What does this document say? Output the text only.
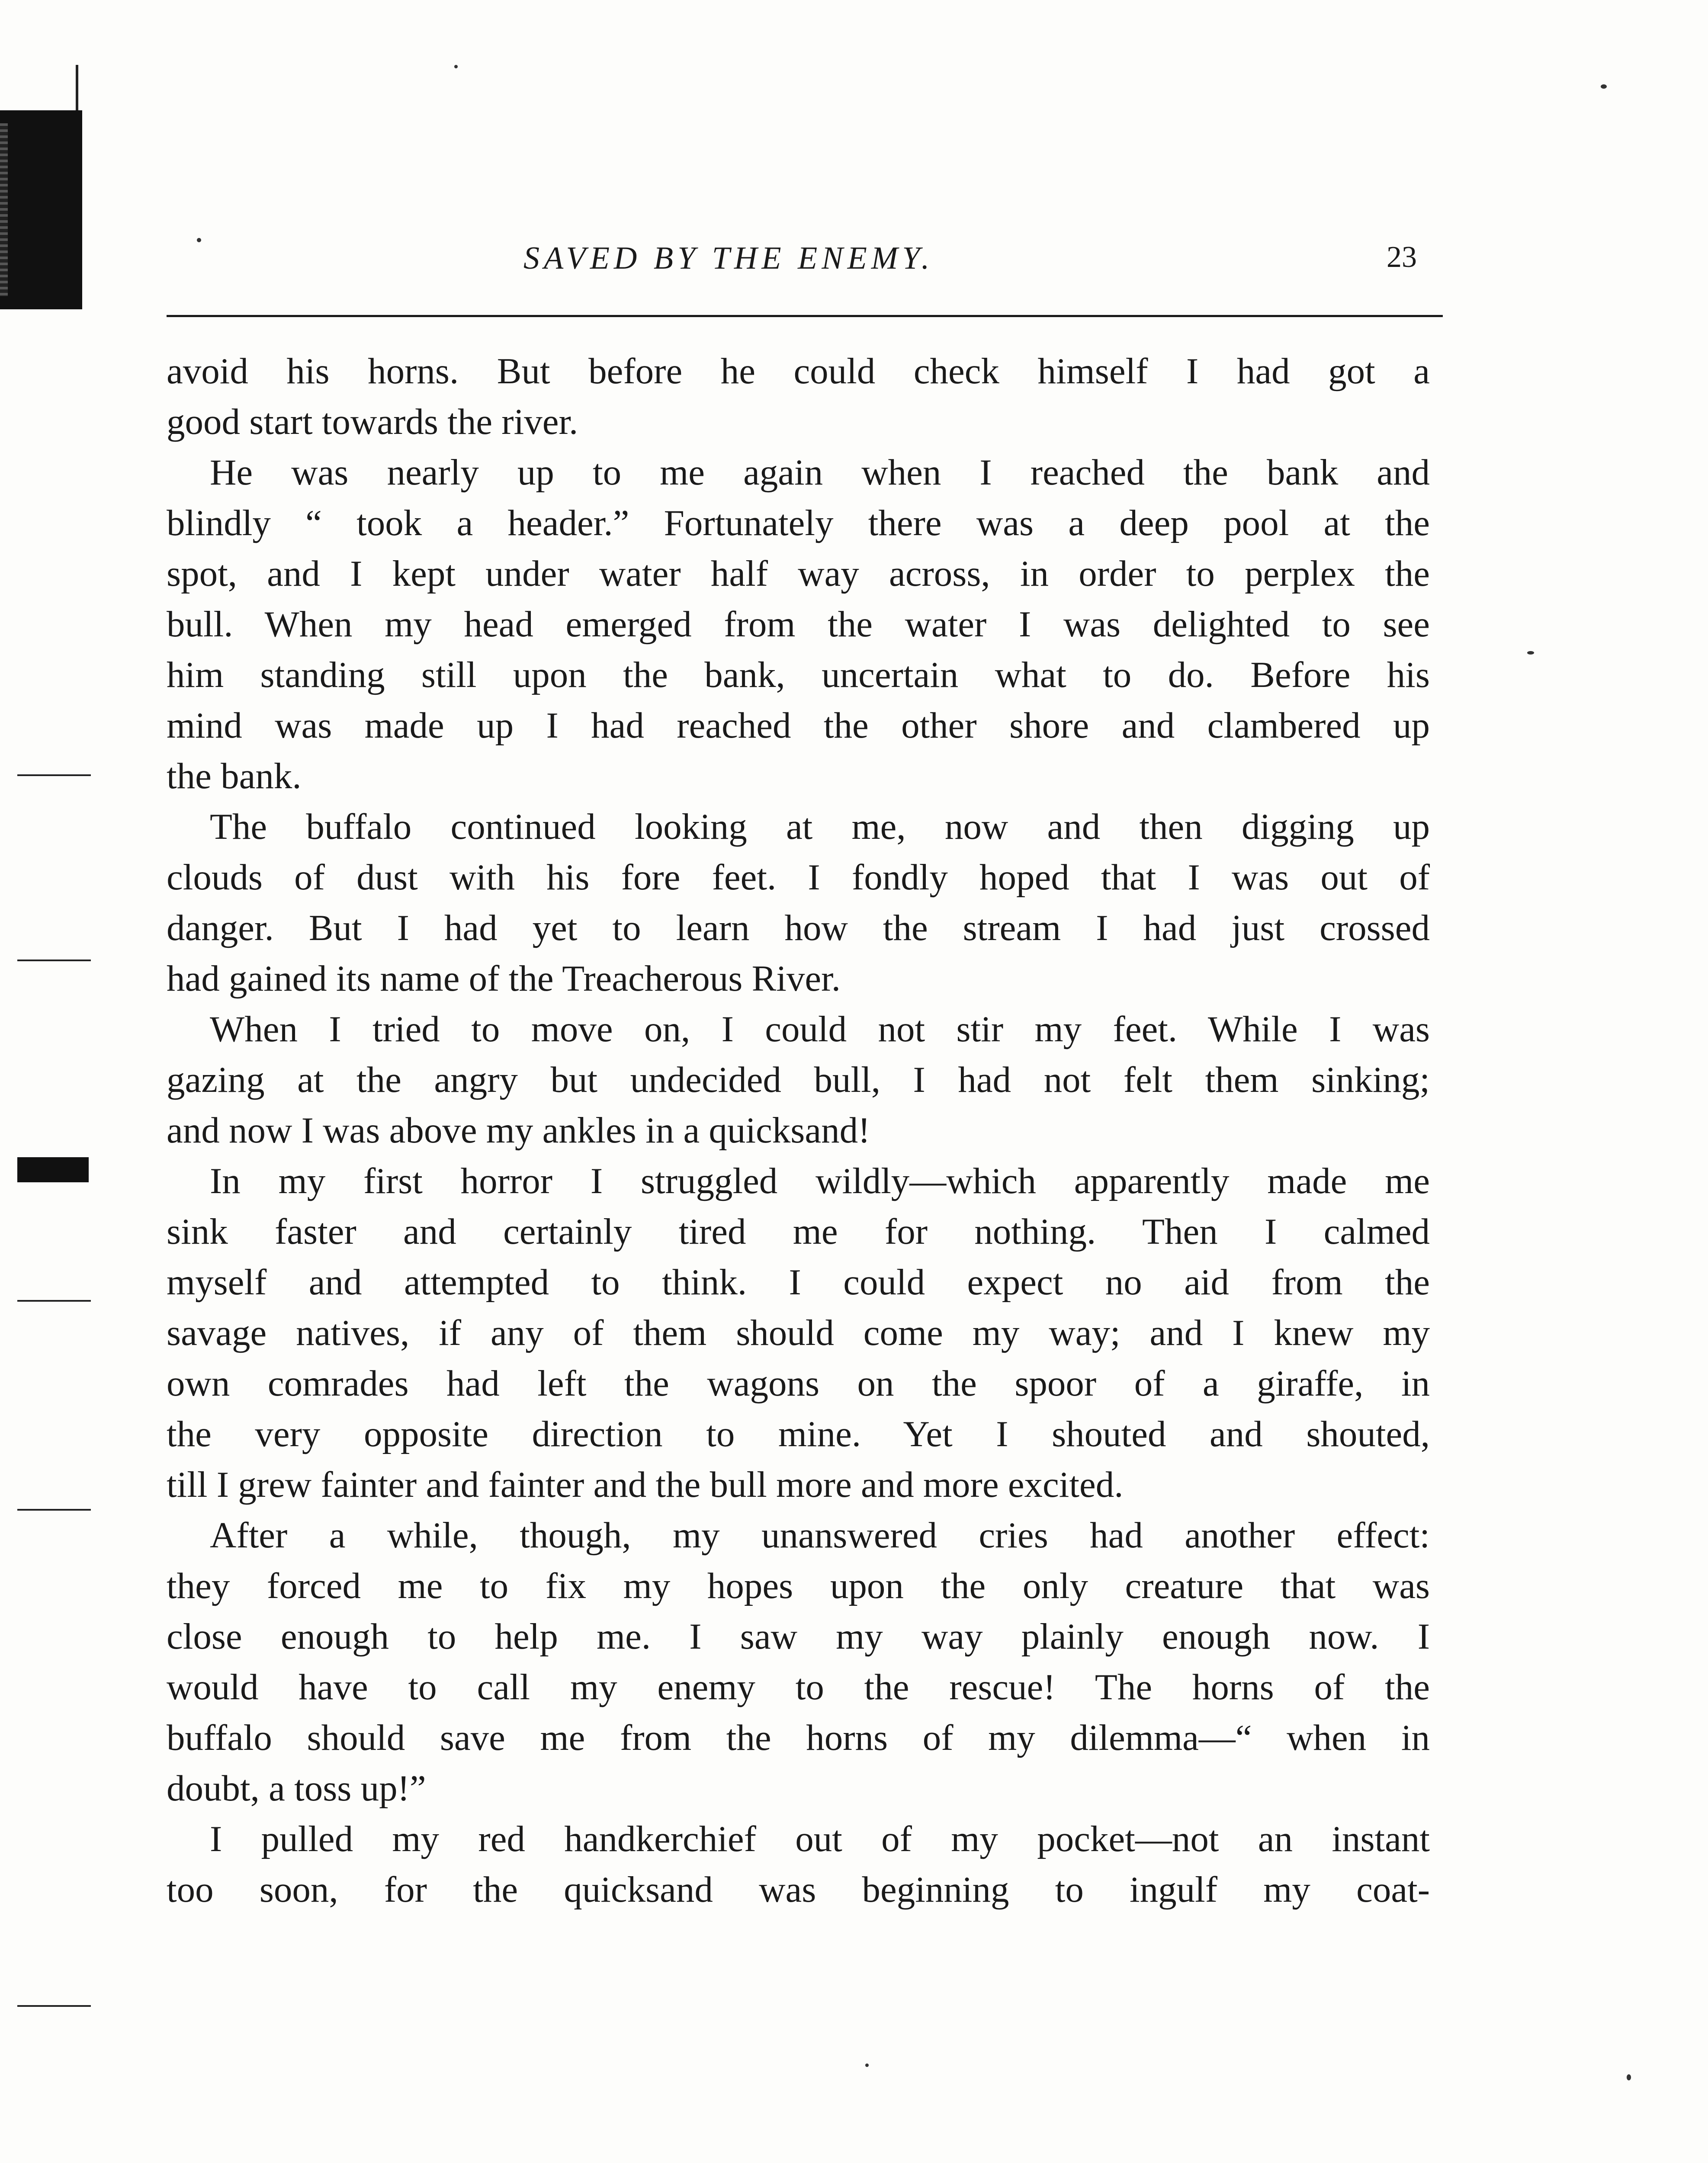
SAVED BY THE ENEMY.	23
avoid his horns. But before he could check himself I had got a
good start towards the river.
He was nearly up to me again when I reached the bank and
blindly “ took a header.” Fortunately there was a deep pool at the
spot, and I kept under water half way across, in order to perplex the
bull. When my head emerged from the water I was delighted to see
him standing still upon the bank, uncertain what to do. Before his
mind was made up I had reached the other shore and clambered up
the bank.
The buffalo continued looking at me, now and then digging up
clouds of dust with his fore feet. I fondly hoped that I was out of
danger. But I had yet to learn how the stream I had just crossed
had gained its name of the Treacherous River.
When I tried to move on, I could not stir my feet. While I was
gazing at the angry but undecided bull, I had not felt them sinking;
and now I was above my ankles in a quicksand!
In my first horror I struggled wildly—which apparently made me
sink faster and certainly tired me for nothing. Then I calmed
myself and attempted to think. I could expect no aid from the
savage natives, if any of them should come my way; and I knew my
own comrades had left the wagons on the spoor of a giraffe, in
the very opposite direction to mine. Yet I shouted and shouted,
till I grew fainter and fainter and the bull more and more excited.
After a while, though, my unanswered cries had another effect:
they forced me to fix my hopes upon the only creature that was
close enough to help me. I saw my way plainly enough now. I
would have to call my enemy to the rescue! The horns of the
buffalo should save me from the horns of my dilemma—“ when in
doubt, a toss up!”
I pulled my red handkerchief out of my pocket—not an instant
too soon, for the quicksand was beginning to ingulf my coat-
